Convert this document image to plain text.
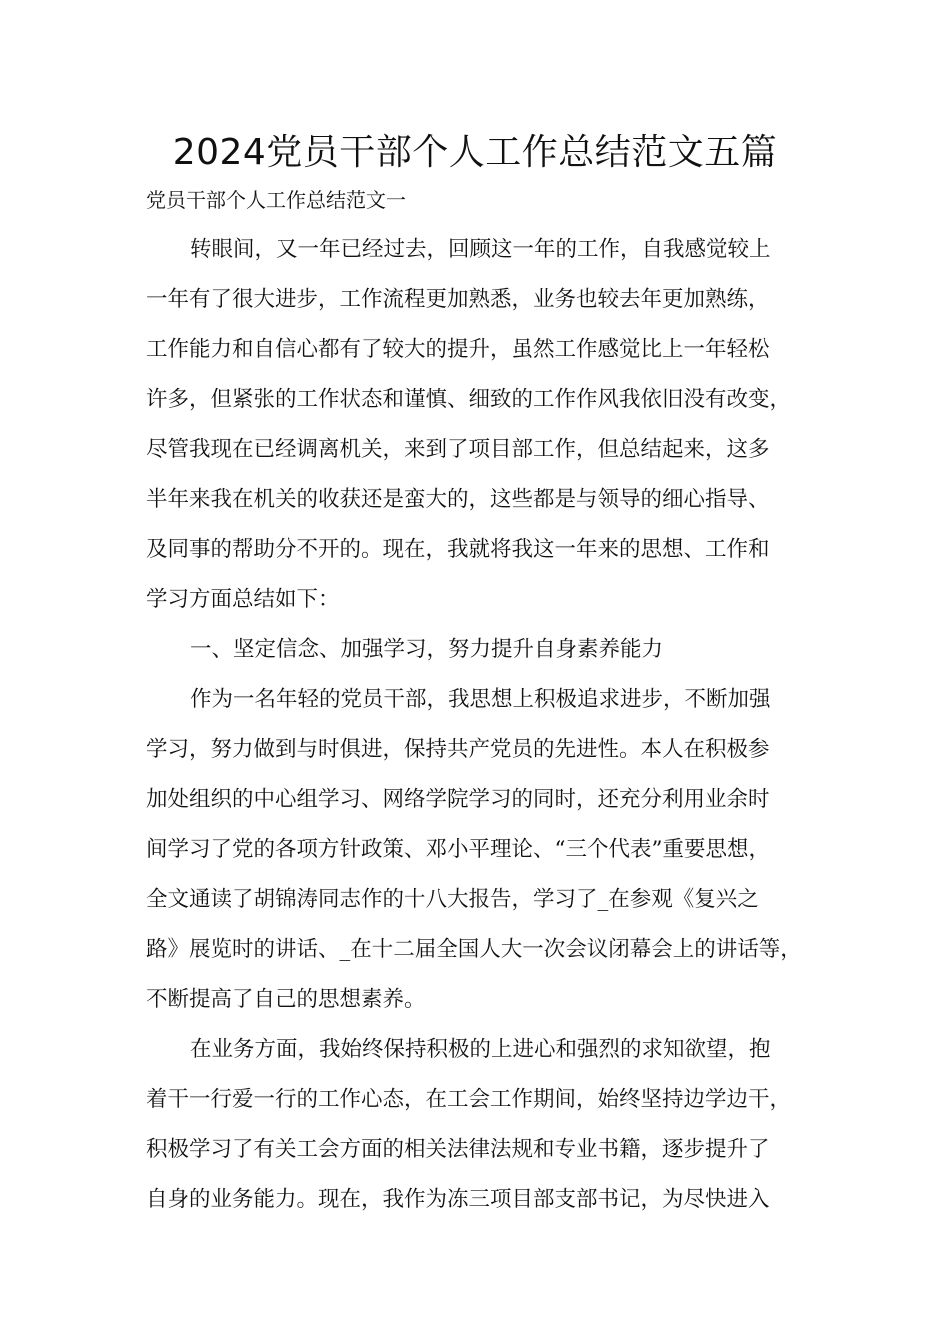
2024党员干部个人工作总结范文五篇
党员干部个人工作总结范文一
转眼间，又一年已经过去，回顾这一年的工作，自我感觉较上
一年有了很大进步，工作流程更加熟悉，业务也较去年更加熟练，
工作能力和自信心都有了较大的提升，虽然工作感觉比上一年轻松
许多，但紧张的工作状态和谨慎、细致的工作作风我依旧没有改变，
尽管我现在已经调离机关，来到了项目部工作，但总结起来，这多
半年来我在机关的收获还是蛮大的，这些都是与领导的细心指导、
及同事的帮助分不开的。现在，我就将我这一年来的思想、工作和
学习方面总结如下：
一、坚定信念、加强学习，努力提升自身素养能力
作为一名年轻的党员干部，我思想上积极追求进步，不断加强
学习，努力做到与时俱进，保持共产党员的先进性。本人在积极参
加处组织的中心组学习、网络学院学习的同时，还充分利用业余时
间学习了党的各项方针政策、邓小平理论、“三个代表”重要思想，
全文通读了胡锦涛同志作的十八大报告，学习了_在参观《复兴之
路》展览时的讲话、_在十二届全国人大一次会议闭幕会上的讲话等，
不断提高了自己的思想素养。
在业务方面，我始终保持积极的上进心和强烈的求知欲望，抱
着干一行爱一行的工作心态，在工会工作期间，始终坚持边学边干，
积极学习了有关工会方面的相关法律法规和专业书籍，逐步提升了
自身的业务能力。现在，我作为冻三项目部支部书记，为尽快进入
